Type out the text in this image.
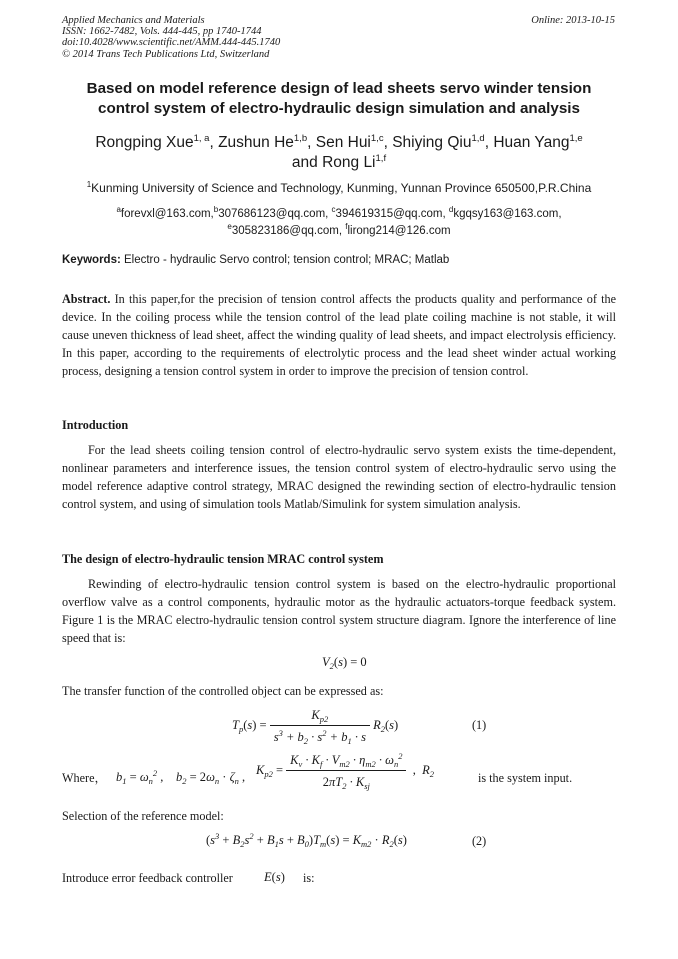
Applied Mechanics and Materials
ISSN: 1662-7482, Vols. 444-445, pp 1740-1744
doi:10.4028/www.scientific.net/AMM.444-445.1740
© 2014 Trans Tech Publications Ltd, Switzerland
Online: 2013-10-15
Based on model reference design of lead sheets servo winder tension control system of electro-hydraulic design simulation and analysis
Rongping Xue$^{1, a}$, Zushun He$^{1,b}$, Sen Hui$^{1,c}$, Shiying Qiu$^{1,d}$, Huan Yang$^{1,e}$
and Rong Li$^{1,f}$
$^1$Kunming University of Science and Technology, Kunming, Yunnan Province 650500,P.R.China
$^a$forevxl@163.com,$^b$307686123@qq.com, $^c$394619315@qq.com, $^d$kgqsy163@163.com,
$^e$305823186@qq.com, $^f$lirong214@126.com
Keywords: Electro - hydraulic Servo control; tension control; MRAC; Matlab
Abstract. In this paper,for the precision of tension control affects the products quality and performance of the device. In the coiling process while the tension control of the lead plate coiling machine is not stable, it will cause uneven thickness of lead sheet, affect the winding quality of lead sheets, and impact electrolysis efficiency. In this paper, according to the requirements of electrolytic process and the lead sheet winder actual working process, designing a tension control system in order to improve the precision of tension control.
Introduction
For the lead sheets coiling tension control of electro-hydraulic servo system exists the time-dependent, nonlinear parameters and interference issues, the tension control system of electro-hydraulic servo using the model reference adaptive control strategy, MRAC designed the rewinding section of electro-hydraulic tension control system, and using of simulation tools Matlab/Simulink for system simulation analysis.
The design of electro-hydraulic tension MRAC control system
Rewinding of electro-hydraulic tension control system is based on the electro-hydraulic proportional overflow valve as a control components, hydraulic motor as the hydraulic actuators-torque feedback system. Figure 1 is the MRAC electro-hydraulic tension control system structure diagram. Ignore the interference of line speed that is:
$V_2(s) = 0$
The transfer function of the controlled object can be expressed as:
$T_p(s) = \frac{K_{p2}}{s^3 + b_2 \cdot s^2 + b_1 \cdot s} R_2(s)$	(1)
Where， $b_1 = \omega_n^2$ , $b_2 = 2\omega_n \cdot \zeta_n$ ,
$K_{p2} = \frac{K_v \cdot K_f \cdot V_{m2} \cdot \eta_{m2} \cdot \omega_n^2}{2\pi T_2 \cdot K_{sj}}$ ,  $R_2$	is the system input.
Selection of the reference model:
$(s^3 + B_2s^2 + B_1s + B_0)T_m(s) = K_{m2} \cdot R_2(s)$	(2)
Introduce error feedback controller E(s) is:
